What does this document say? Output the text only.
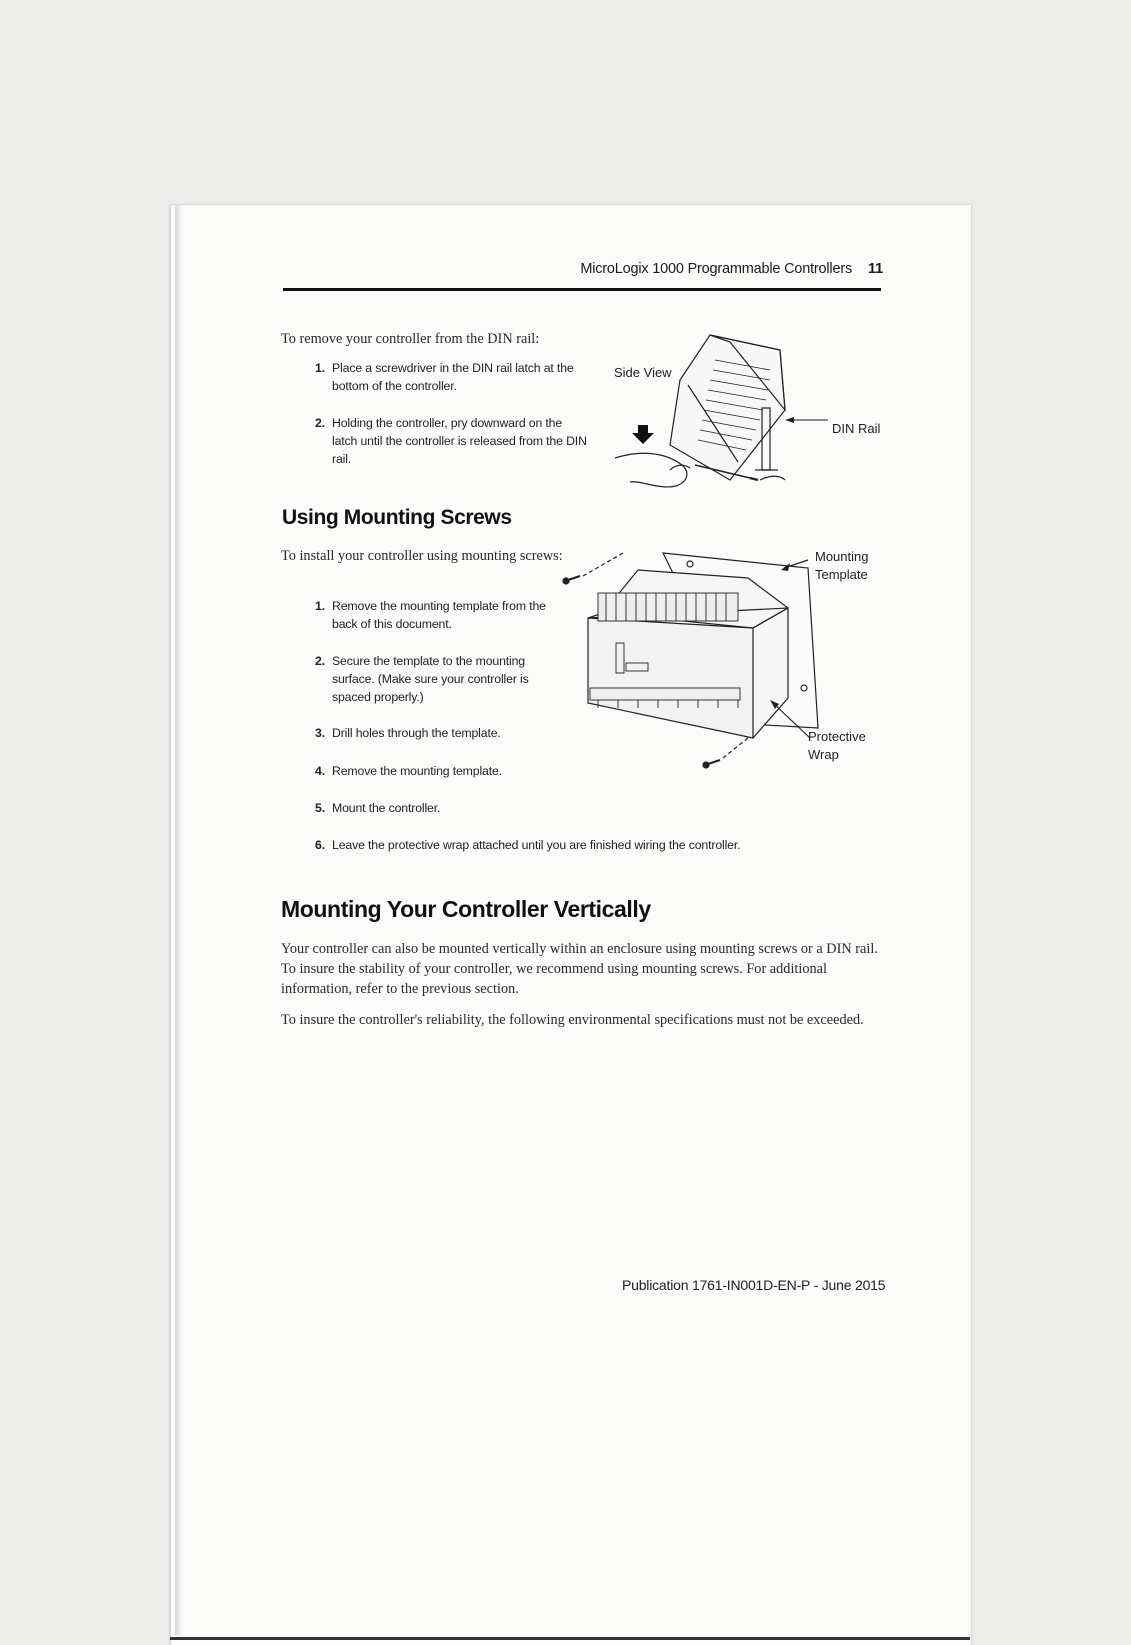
MicroLogix 1000 Programmable Controllers 11
To remove your controller from the DIN rail:
1. Place a screwdriver in the DIN rail latch at the bottom of the controller.
2. Holding the controller, pry downward on the latch until the controller is released from the DIN rail.
Side View
DIN Rail
Using Mounting Screws
To install your controller using mounting screws:
1. Remove the mounting template from the back of this document.
2. Secure the template to the mounting surface. (Make sure your controller is spaced properly.)
3. Drill holes through the template.
4. Remove the mounting template.
5. Mount the controller.
6. Leave the protective wrap attached until you are finished wiring the controller.
Mounting Template
Protective Wrap
Mounting Your Controller Vertically

Your controller can also be mounted vertically within an enclosure using mounting screws or a DIN rail. To insure the stability of your controller, we recommend using mounting screws. For additional information, refer to the previous section.

To insure the controller's reliability, the following environmental specifications must not be exceeded.

Publication 1761-IN001D-EN-P - June 2015
